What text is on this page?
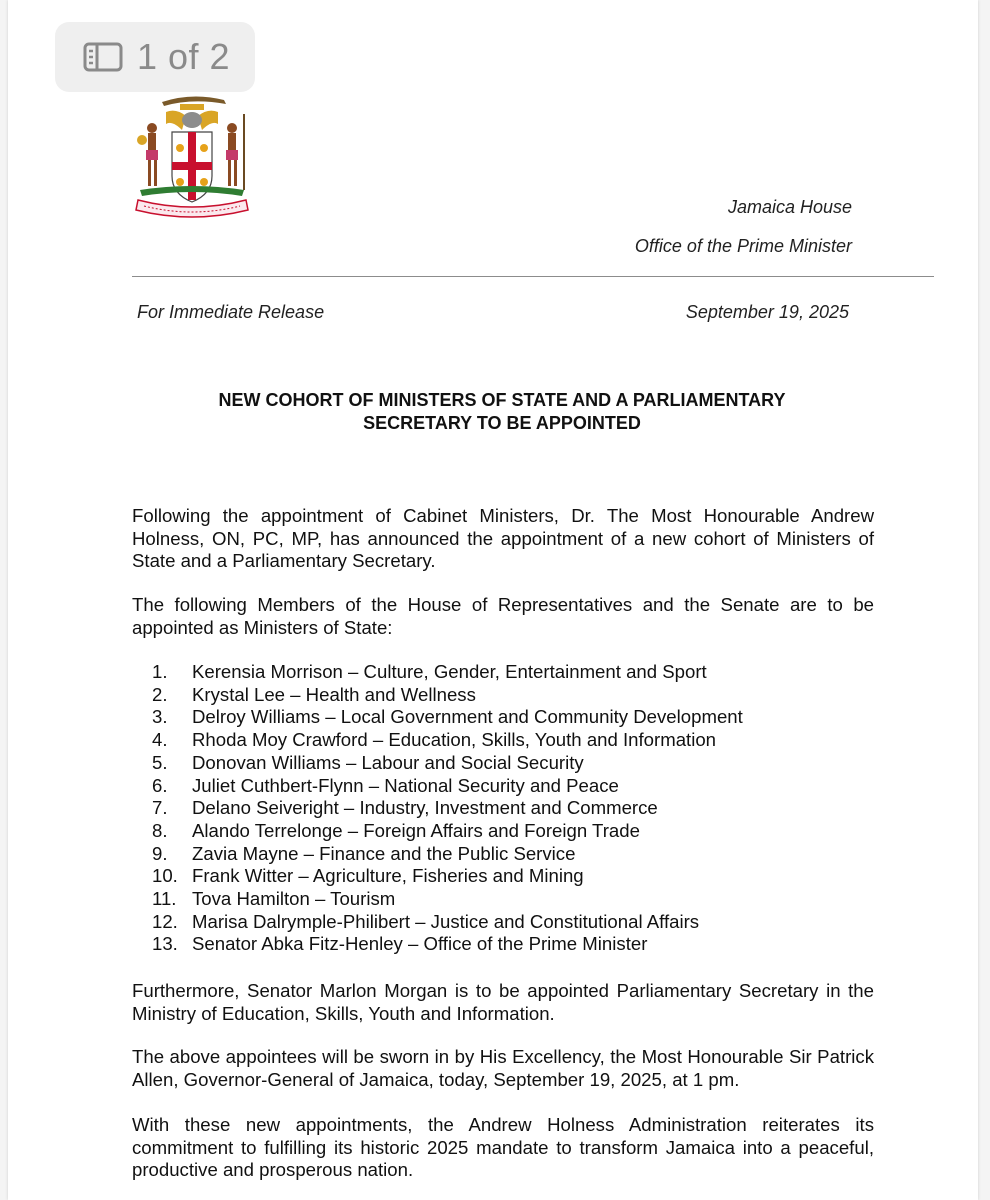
1 of 2
Jamaica House
Office of the Prime Minister
For Immediate Release	September 19, 2025
NEW COHORT OF MINISTERS OF STATE AND A PARLIAMENTARY
SECRETARY TO BE APPOINTED

Following the appointment of Cabinet Ministers, Dr. The Most Honourable Andrew Holness, ON, PC, MP, has announced the appointment of a new cohort of Ministers of State and a Parliamentary Secretary.

The following Members of the House of Representatives and the Senate are to be appointed as Ministers of State:

1.	Kerensia Morrison – Culture, Gender, Entertainment and Sport
2.	Krystal Lee – Health and Wellness
3.	Delroy Williams – Local Government and Community Development
4.	Rhoda Moy Crawford – Education, Skills, Youth and Information
5.	Donovan Williams – Labour and Social Security
6.	Juliet Cuthbert-Flynn – National Security and Peace
7.	Delano Seiveright – Industry, Investment and Commerce
8.	Alando Terrelonge – Foreign Affairs and Foreign Trade
9.	Zavia Mayne – Finance and the Public Service
10. Frank Witter – Agriculture, Fisheries and Mining
11. Tova Hamilton – Tourism
12. Marisa Dalrymple-Philibert – Justice and Constitutional Affairs
13. Senator Abka Fitz-Henley – Office of the Prime Minister

Furthermore, Senator Marlon Morgan is to be appointed Parliamentary Secretary in the Ministry of Education, Skills, Youth and Information.

The above appointees will be sworn in by His Excellency, the Most Honourable Sir Patrick Allen, Governor-General of Jamaica, today, September 19, 2025, at 1 pm.

With these new appointments, the Andrew Holness Administration reiterates its commitment to fulfilling its historic 2025 mandate to transform Jamaica into a peaceful, productive and prosperous nation.
